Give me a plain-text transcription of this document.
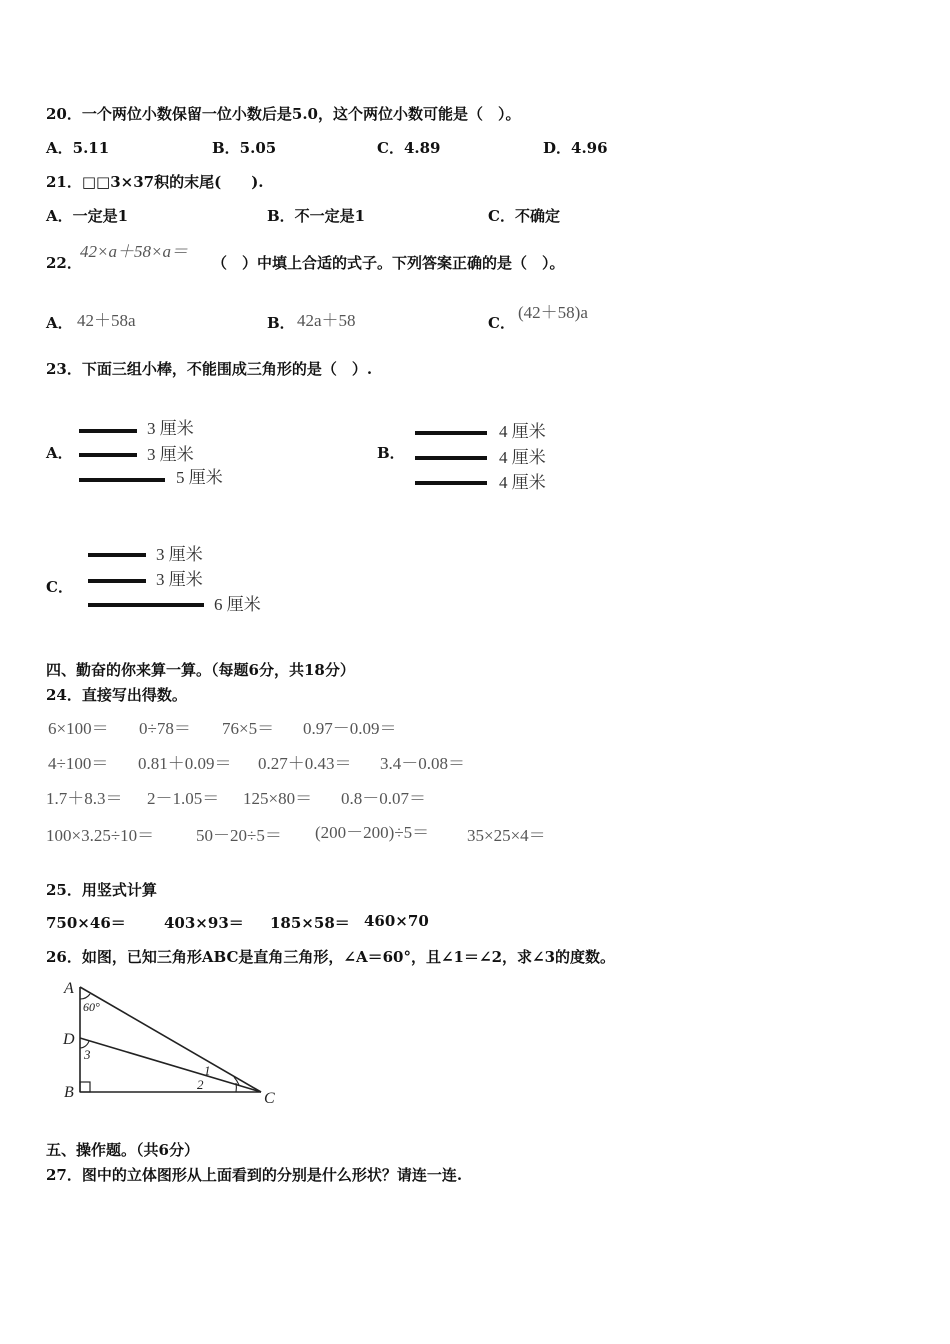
20．一个两位小数保留一位小数后是5.0，这个两位小数可能是（　）。
A．5.11	B．5.05	C．4.89	D．4.96
21．□□3×37积的末尾(　　).
A．一定是1	B．不一定是1	C．不确定
22．
42×a＋58×a＝
（　）中填上合适的式子。下列答案正确的是（　）。
A． 42＋58a	B． 42a＋58	C．
(42＋58)a
23．下面三组小棒，不能围成三角形的是（　）.
A．
3 厘米
3 厘米
5 厘米
B．
4 厘米
4 厘米
4 厘米
C．
3 厘米
3 厘米
6 厘米
四、勤奋的你来算一算。（每题6分，共18分）
24．直接写出得数。
6×100＝ 0÷78＝ 76×5＝ 0.97－0.09＝
4÷100＝ 0.81＋0.09＝ 0.27＋0.43＝ 3.4－0.08＝
1.7＋8.3＝ 2－1.05＝ 125×80＝ 0.8－0.07＝
100×3.25÷10＝ 50－20÷5＝ (200－200)÷5＝ 35×25×4＝
25．用竖式计算
750×46＝	403×93＝ 185×58＝ 460×70
26．如图，已知三角形ABC是直角三角形，∠A＝60°，且∠1＝∠2，求∠3的度数。
A
60°
D
3
B	C
1
2
五、操作题。（共6分）
27．图中的立体图形从上面看到的分别是什么形状？请连一连.
